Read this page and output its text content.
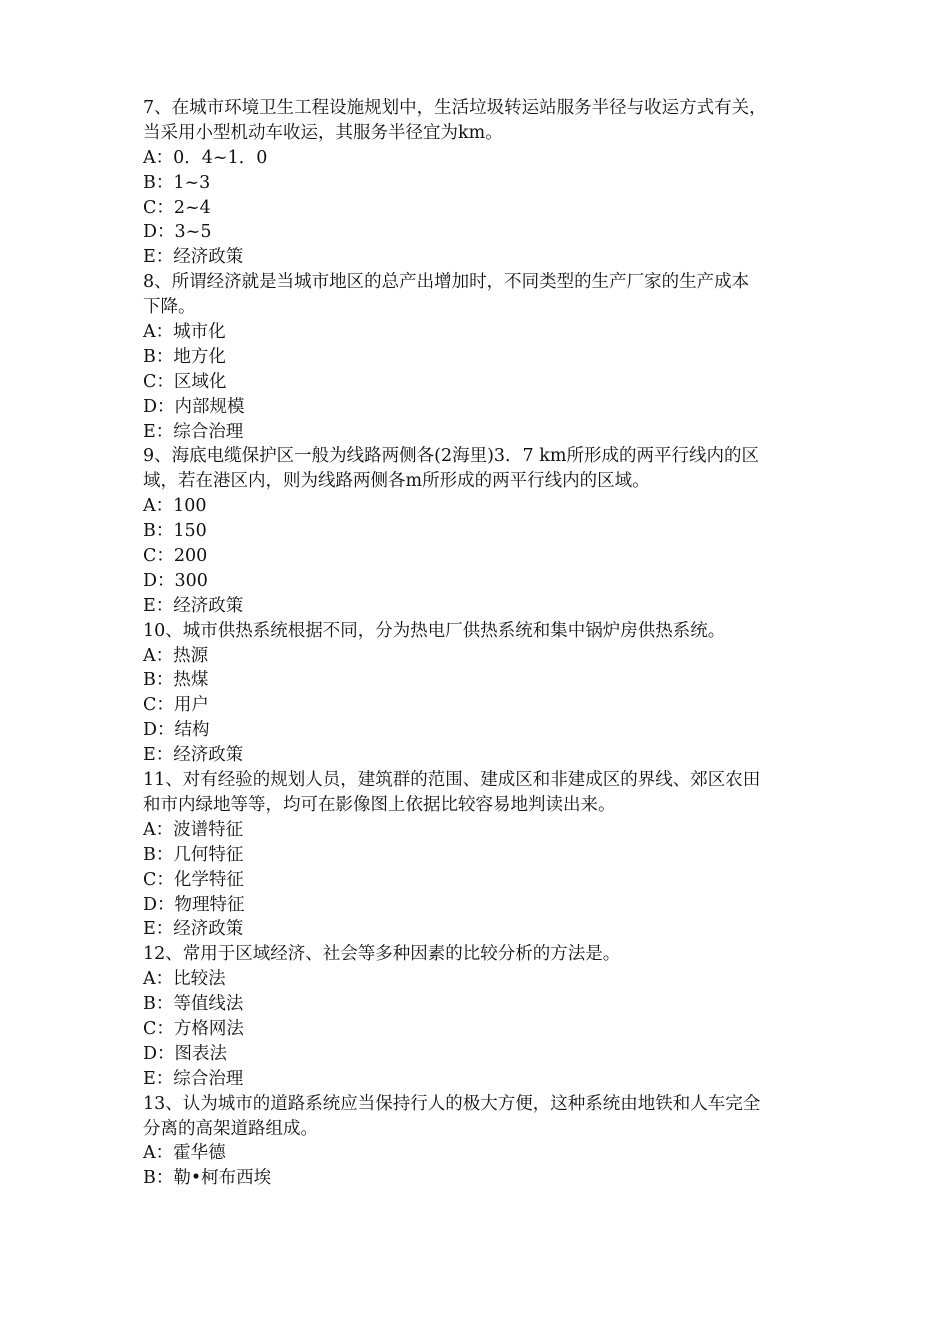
7、在城市环境卫生工程设施规划中，生活垃圾转运站服务半径与收运方式有关，
当采用小型机动车收运，其服务半径宜为km。
A：0．4~1．0
B：1~3
C：2~4
D：3~5
E：经济政策
8、所谓经济就是当城市地区的总产出增加时，不同类型的生产厂家的生产成本
下降。
A：城市化
B：地方化
C：区域化
D：内部规模
E：综合治理
9、海底电缆保护区一般为线路两侧各(2海里)3．7 km所形成的两平行线内的区
域，若在港区内，则为线路两侧各m所形成的两平行线内的区域。
A：100
B：150
C：200
D：300
E：经济政策
10、城市供热系统根据不同，分为热电厂供热系统和集中锅炉房供热系统。
A：热源
B：热煤
C：用户
D：结构
E：经济政策
11、对有经验的规划人员，建筑群的范围、建成区和非建成区的界线、郊区农田
和市内绿地等等，均可在影像图上依据比较容易地判读出来。
A：波谱特征
B：几何特征
C：化学特征
D：物理特征
E：经济政策
12、常用于区域经济、社会等多种因素的比较分析的方法是。
A：比较法
B：等值线法
C：方格网法
D：图表法
E：综合治理
13、认为城市的道路系统应当保持行人的极大方便，这种系统由地铁和人车完全
分离的高架道路组成。
A：霍华德
B：勒•柯布西埃
